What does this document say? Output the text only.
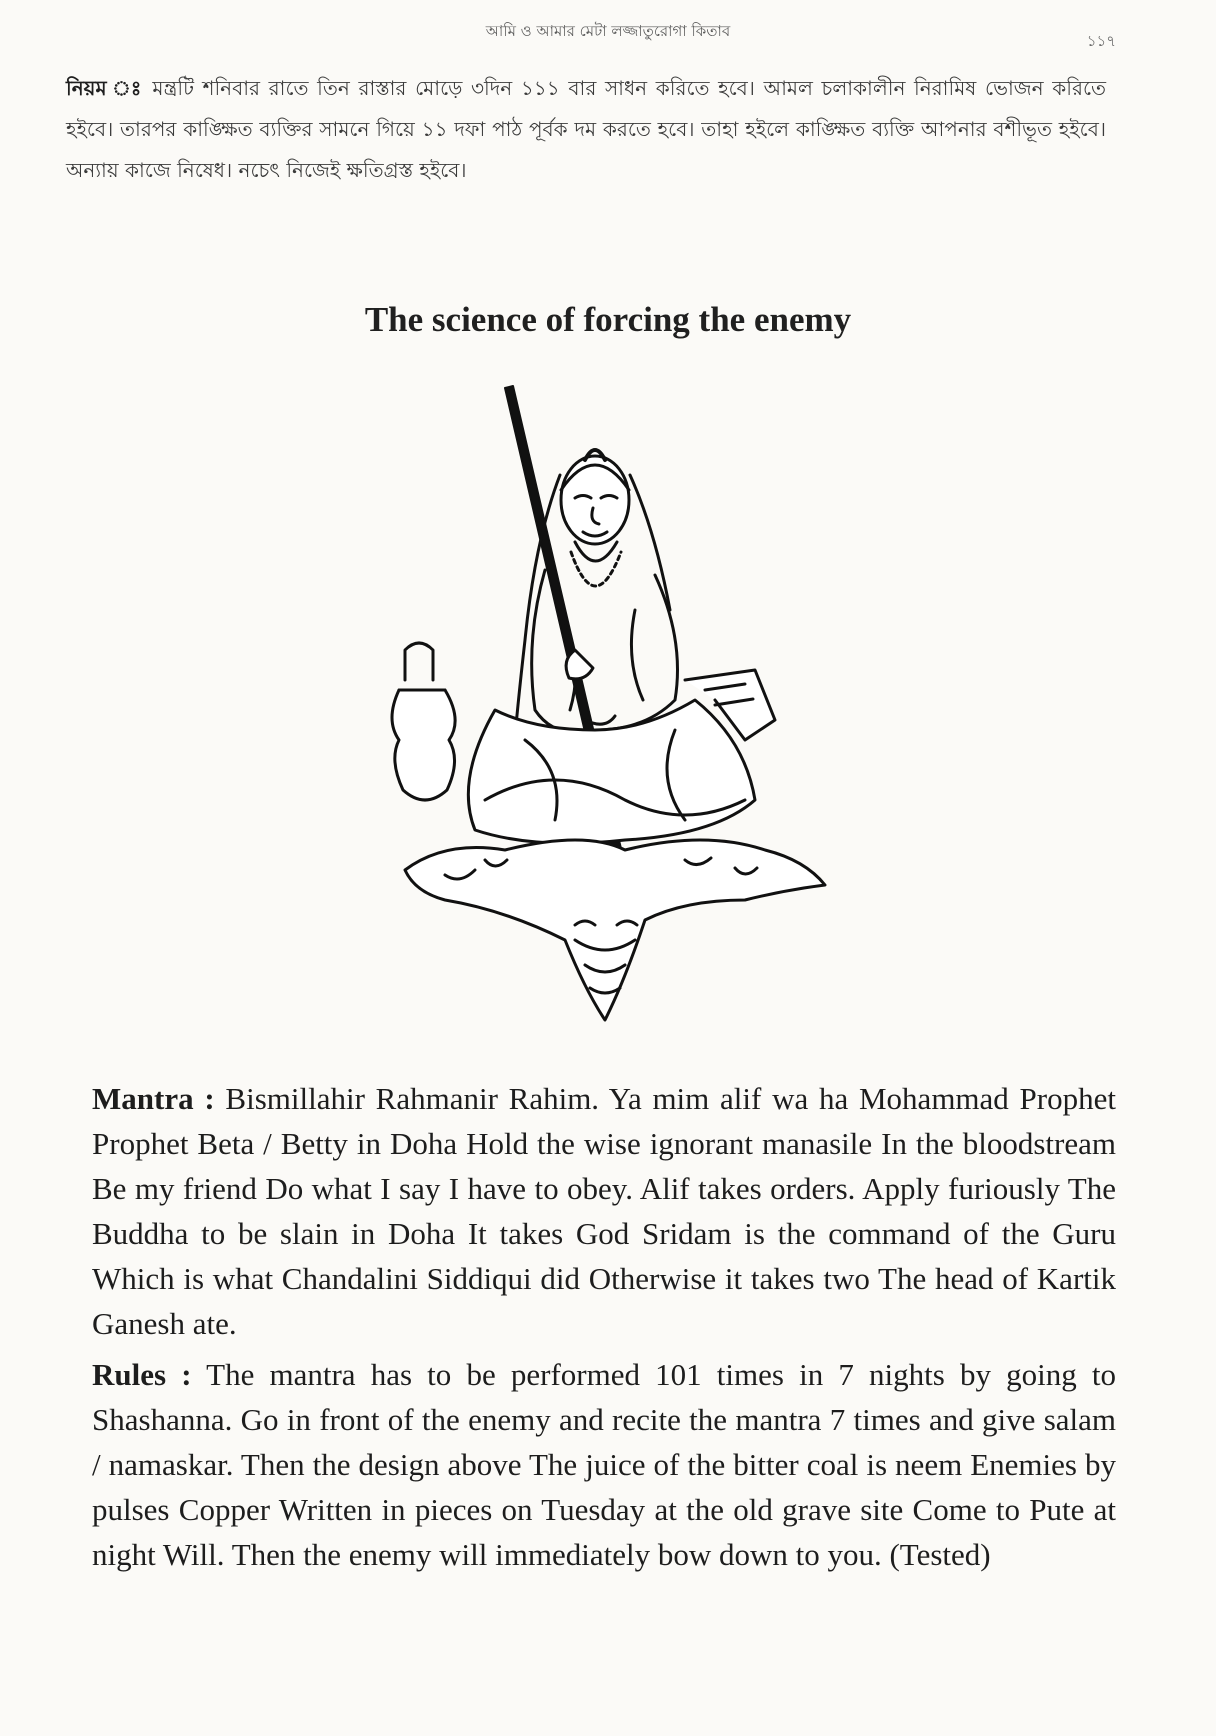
আমি ও আমার মেটা লজ্জাতুরোগা কিতাব
১১৭
নিয়ম ঃ মন্ত্রটি শনিবার রাতে তিন রাস্তার মোড়ে ৩দিন ১১১ বার সাধন করিতে হবে। আমল চলাকালীন নিরামিষ ভোজন করিতে হইবে। তারপর কাঙ্ক্ষিত ব্যক্তির সামনে গিয়ে ১১ দফা পাঠ পূর্বক দম করতে হবে। তাহা হইলে কাঙ্ক্ষিত ব্যক্তি আপনার বশীভূত হইবে। অন্যায় কাজে নিষেধ। নচেৎ নিজেই ক্ষতিগ্রস্ত হইবে।
The science of forcing the enemy
Mantra : Bismillahir Rahmanir Rahim. Ya mim alif wa ha Mohammad Prophet Prophet Beta / Betty in Doha Hold the wise ignorant manasile In the bloodstream Be my friend Do what I say I have to obey. Alif takes orders. Apply furiously The Buddha to be slain in Doha It takes God Sridam is the command of the Guru Which is what Chandalini Siddiqui did Otherwise it takes two The head of Kartik Ganesh ate.
Rules : The mantra has to be performed 101 times in 7 nights by going to Shashanna. Go in front of the enemy and recite the mantra 7 times and give salam / namaskar. Then the design above The juice of the bitter coal is neem Enemies by pulses Copper Written in pieces on Tuesday at the old grave site Come to Pute at night Will. Then the enemy will immediately bow down to you. (Tested)
